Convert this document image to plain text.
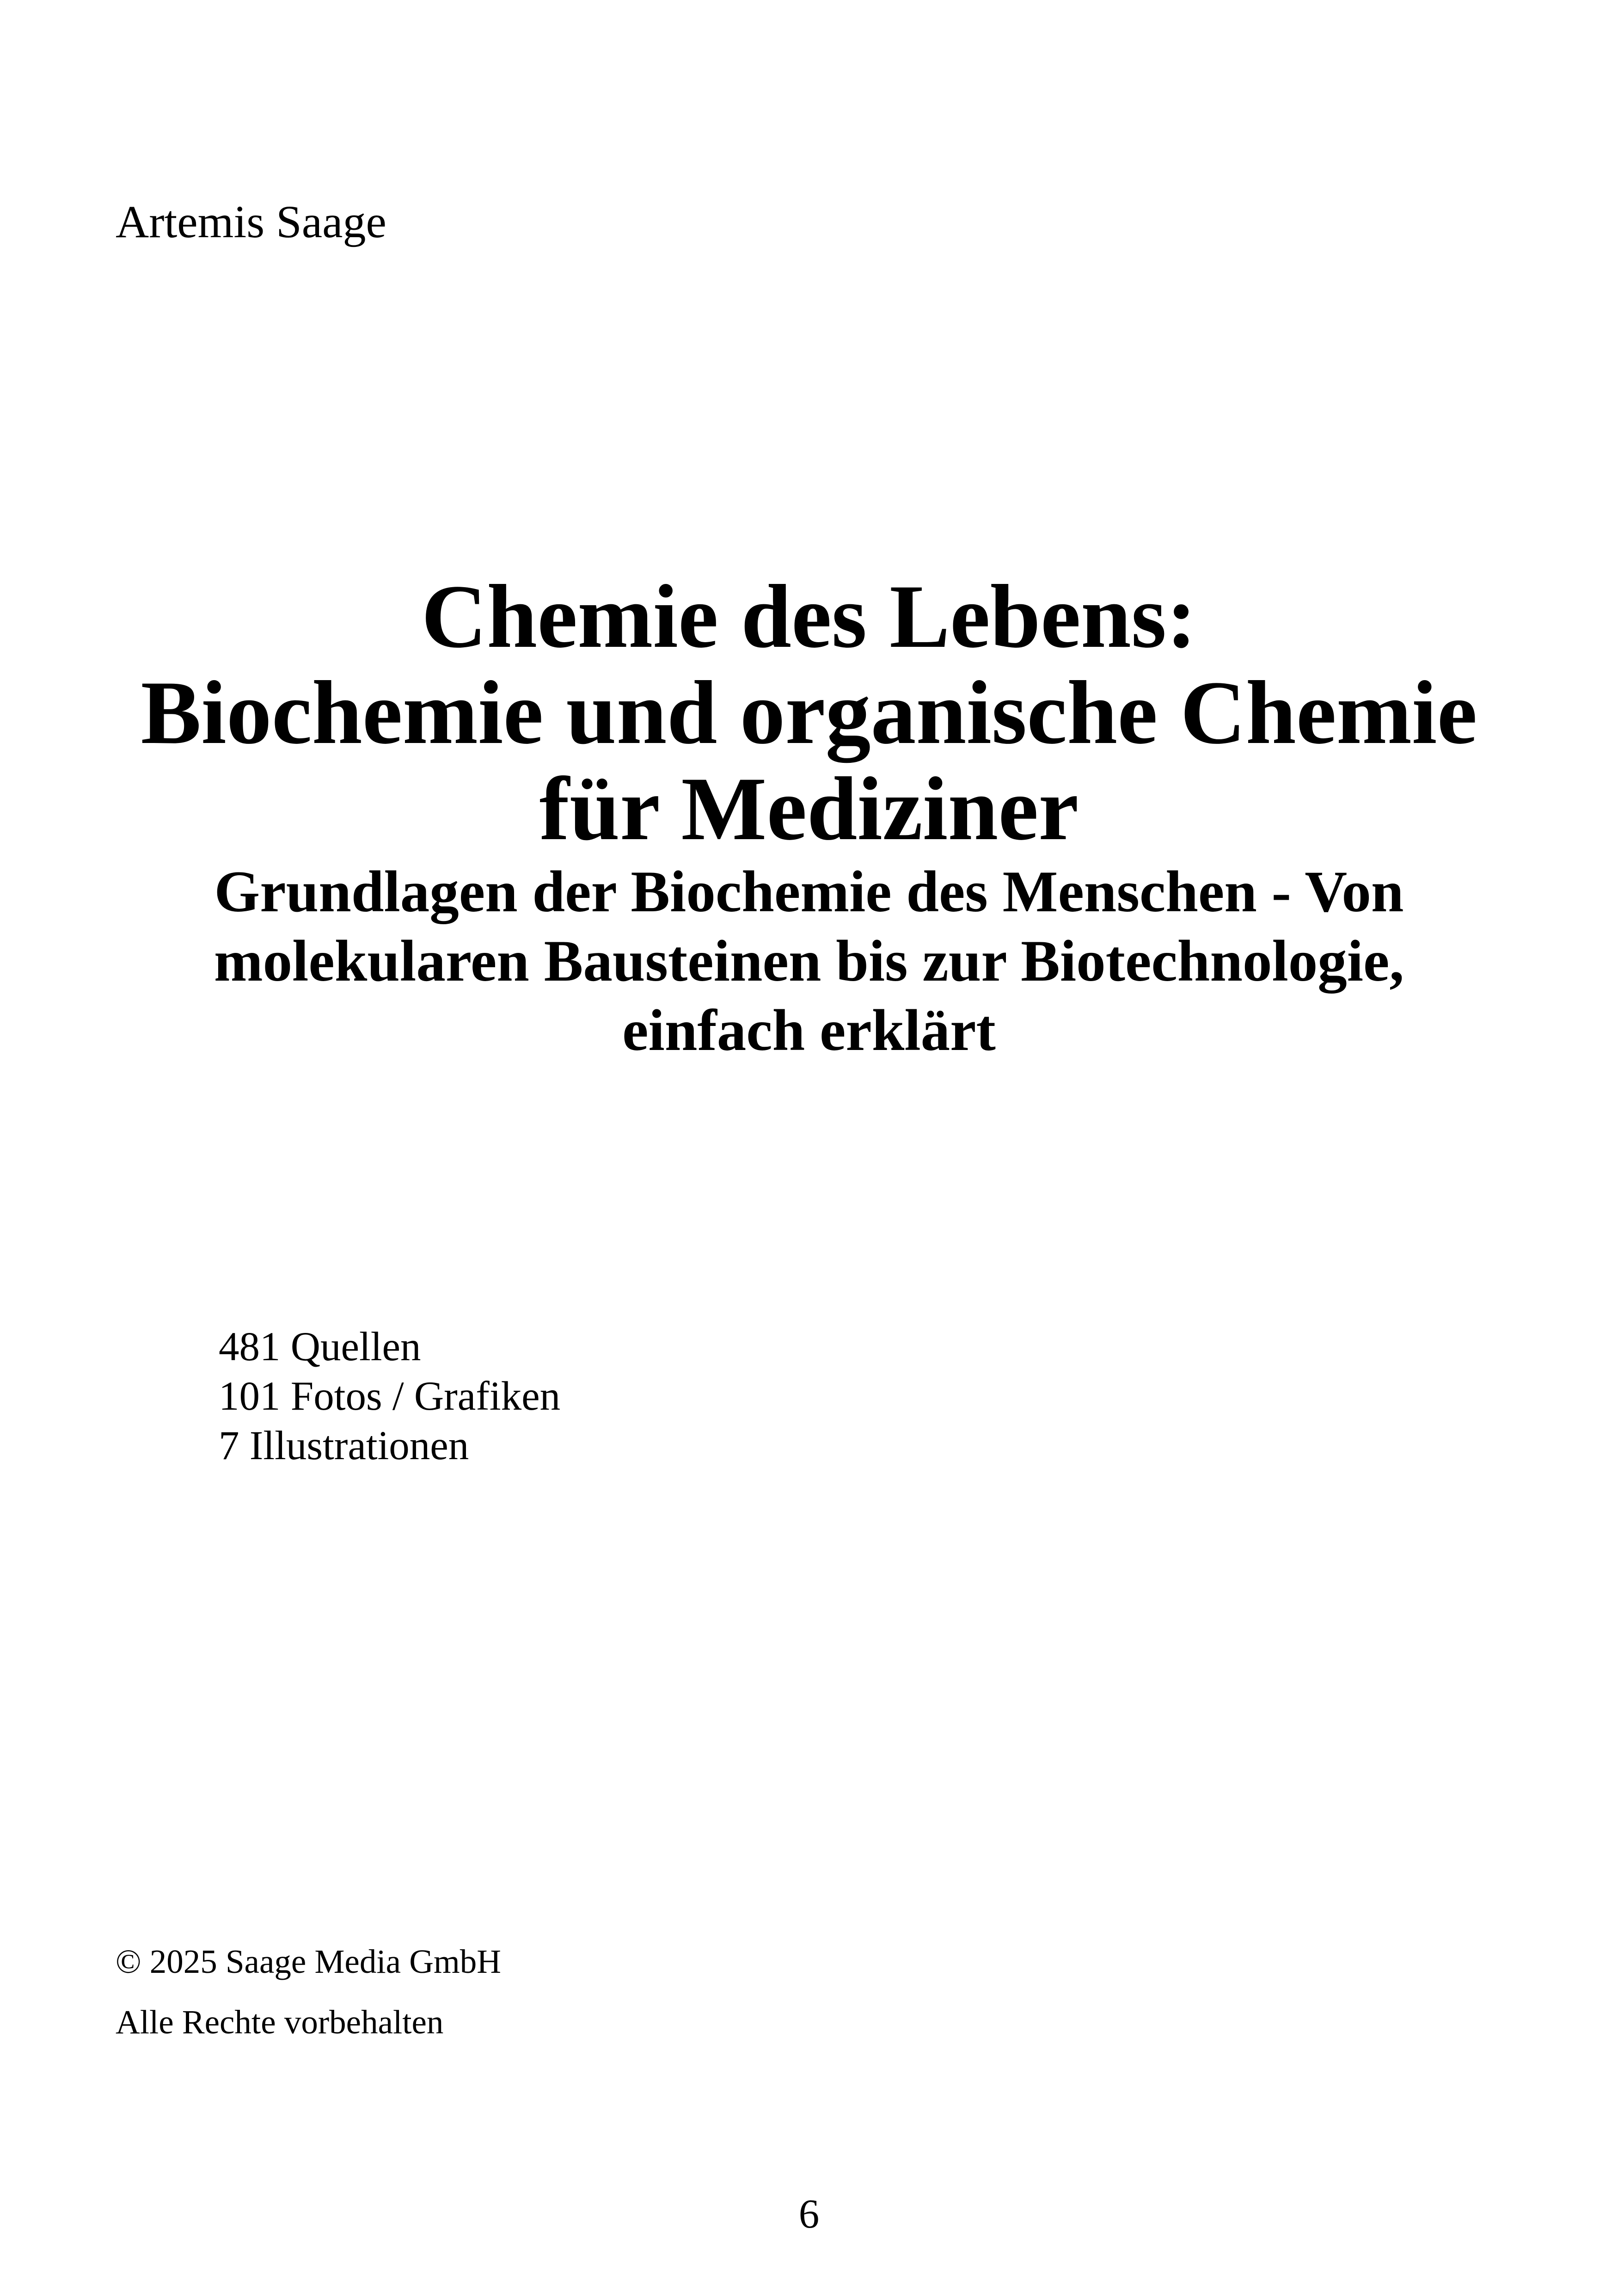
Artemis Saage
Chemie des Lebens:
Biochemie und organische Chemie
für Mediziner
Grundlagen der Biochemie des Menschen - Von
molekularen Bausteinen bis zur Biotechnologie,
einfach erklärt
481 Quellen
101 Fotos / Grafiken
7 Illustrationen
© 2025 Saage Media GmbH
Alle Rechte vorbehalten
6
